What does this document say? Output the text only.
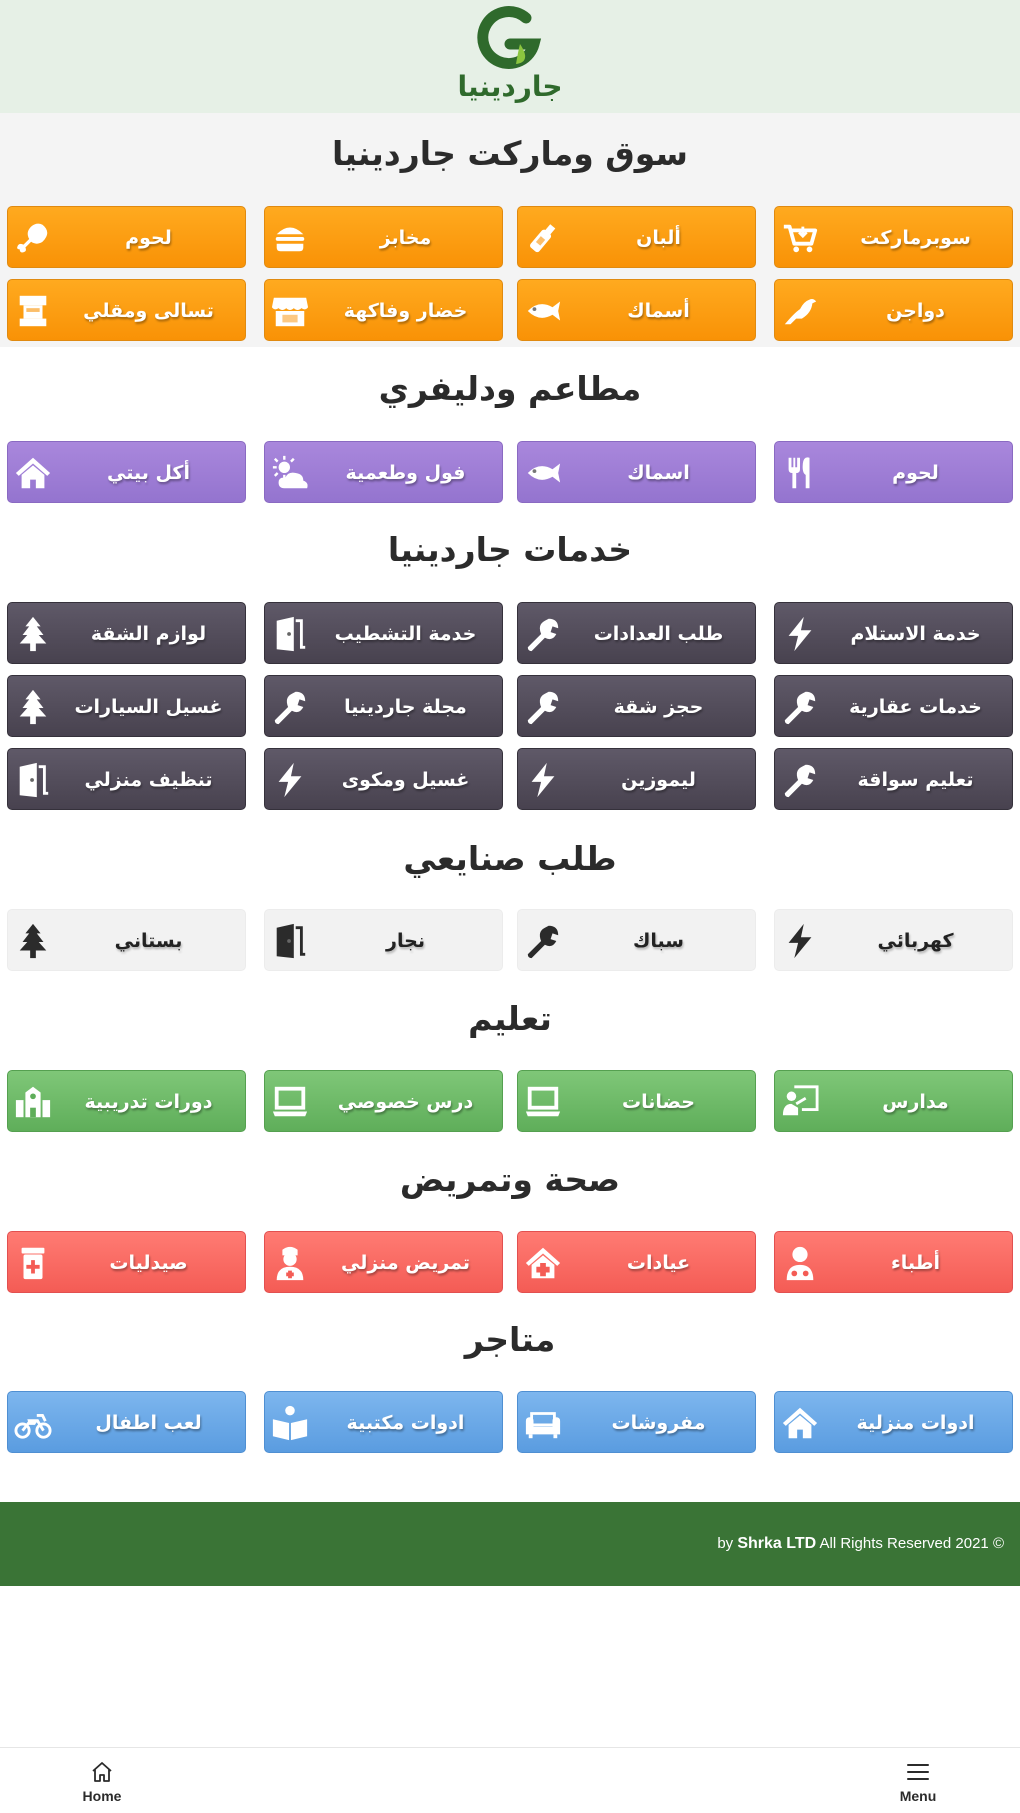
جاردينيا
سوق وماركت جاردينيا
سوبرماركت
ألبان
مخابز
لحوم
دواجن
أسماك
خضار وفاكهة
تسالى ومقلي
مطاعم ودليفري
لحوم
اسماك
فول وطعمية
أكل بيتي
خدمات جاردينيا
خدمة الاستلام
طلب العدادات
خدمة التشطيب
لوازم الشقة
خدمات عقارية
حجز شقة
مجلة جاردينيا
غسيل السيارات
تعليم سواقة
ليموزين
غسيل ومكوى
تنظيف منزلي
طلب صنايعي
كهربائي
سباك
نجار
بستاني
تعليم
مدارس
حضانات
درس خصوصي
دورات تدريبية
صحة وتمريض
أطباء
عيادات
تمريض منزلي
صيدليات
متاجر
ادوات منزلية
مفروشات
ادوات مكتبية
لعب اطفال
by Shrka LTD All Rights Reserved 2021 ©
Home	Menu
